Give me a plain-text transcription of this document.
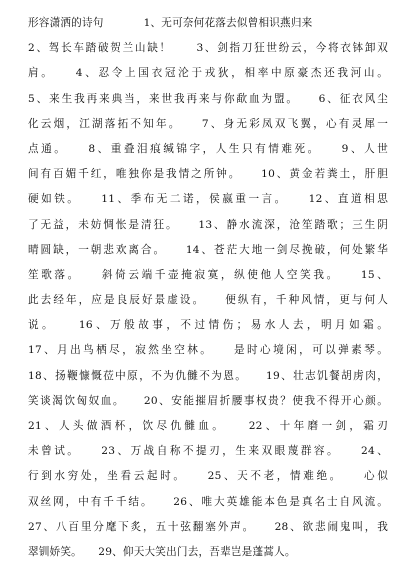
形容潇洒的诗句	1、无可奈何花落去似曾相识燕归来
2、驾长车踏破贺兰山缺！　　3、剑指刀狂世纷云，今将衣钵卸双
肩。　　4、忍令上国衣冠沦于戎狄，相率中原豪杰还我河山。
5、来生我再来典当，来世我再来与你歃血为盟。　　6、征衣风尘
化云烟，江湖落拓不知年。　　7、身无彩凤双飞翼，心有灵犀一
点通。　　8、重叠泪痕缄锦字，人生只有情难死。　　9、人世
间有百媚千红，唯独你是我情之所钟。　　10、黄金若粪土，肝胆
硬如铁。　　11、季布无二诺，侯嬴重一言。　　12、直道相思
了无益，未妨惆怅是清狂。　　13、静水流深，沧笙踏歌；三生阴
晴圆缺，一朝悲欢离合。　　14、苍茫大地一剑尽挽破，何处繁华
笙歌落。　　斜倚云端千壶掩寂寞，纵使他人空笑我。　　15、
此去经年，应是良辰好景虚设。　　便纵有，千种风情，更与何人
说。　　16、万般故事，不过情伤；易水人去，明月如霜。
17、月出鸟栖尽，寂然坐空林。　　是时心境闲，可以弹素琴。
18、扬鞭慷慨莅中原，不为仇雠不为恩。　　19、壮志饥餐胡虏肉，
笑谈渴饮匈奴血。　　20、安能摧眉折腰事权贵？使我不得开心颜。
21、人头做酒杯，饮尽仇雠血。　　22、十年磨一剑，霜刃
未曾试。　　23、万战自称不提刃，生来双眼蔑群容。　　24、
行到水穷处，坐看云起时。　　25、天不老，情难绝。　　心似
双丝网，中有千千结。　　26、唯大英雄能本色是真名士自风流。
27、八百里分麾下炙，五十弦翻塞外声。　　28、欲悲闹鬼叫，我
翠钏娇笑。　　29、仰天大笑出门去，吾辈岂是蓬蒿人。
